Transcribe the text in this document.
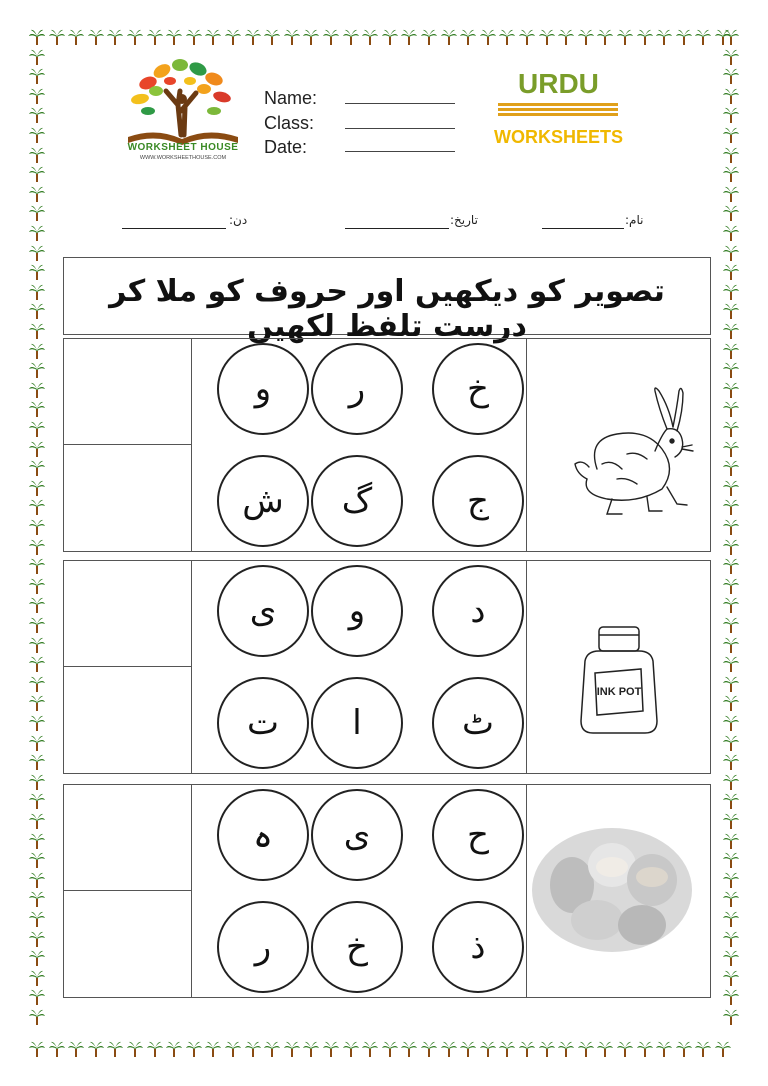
WORKSHEET HOUSE
WWW.WORKSHEETHOUSE.COM
Name:
Class:
Date:
URDU
WORKSHEETS
نام:
تاریخ:
دن:
تصویر کو دیکھیں اور حروف کو ملا کر درست تلفظ لکھیں
و	ر	خ
ش	گ	ج
ی	و	د
ت	ا	ٹ
INK POT
ہ	ی	ح
ر	خ	ذ
